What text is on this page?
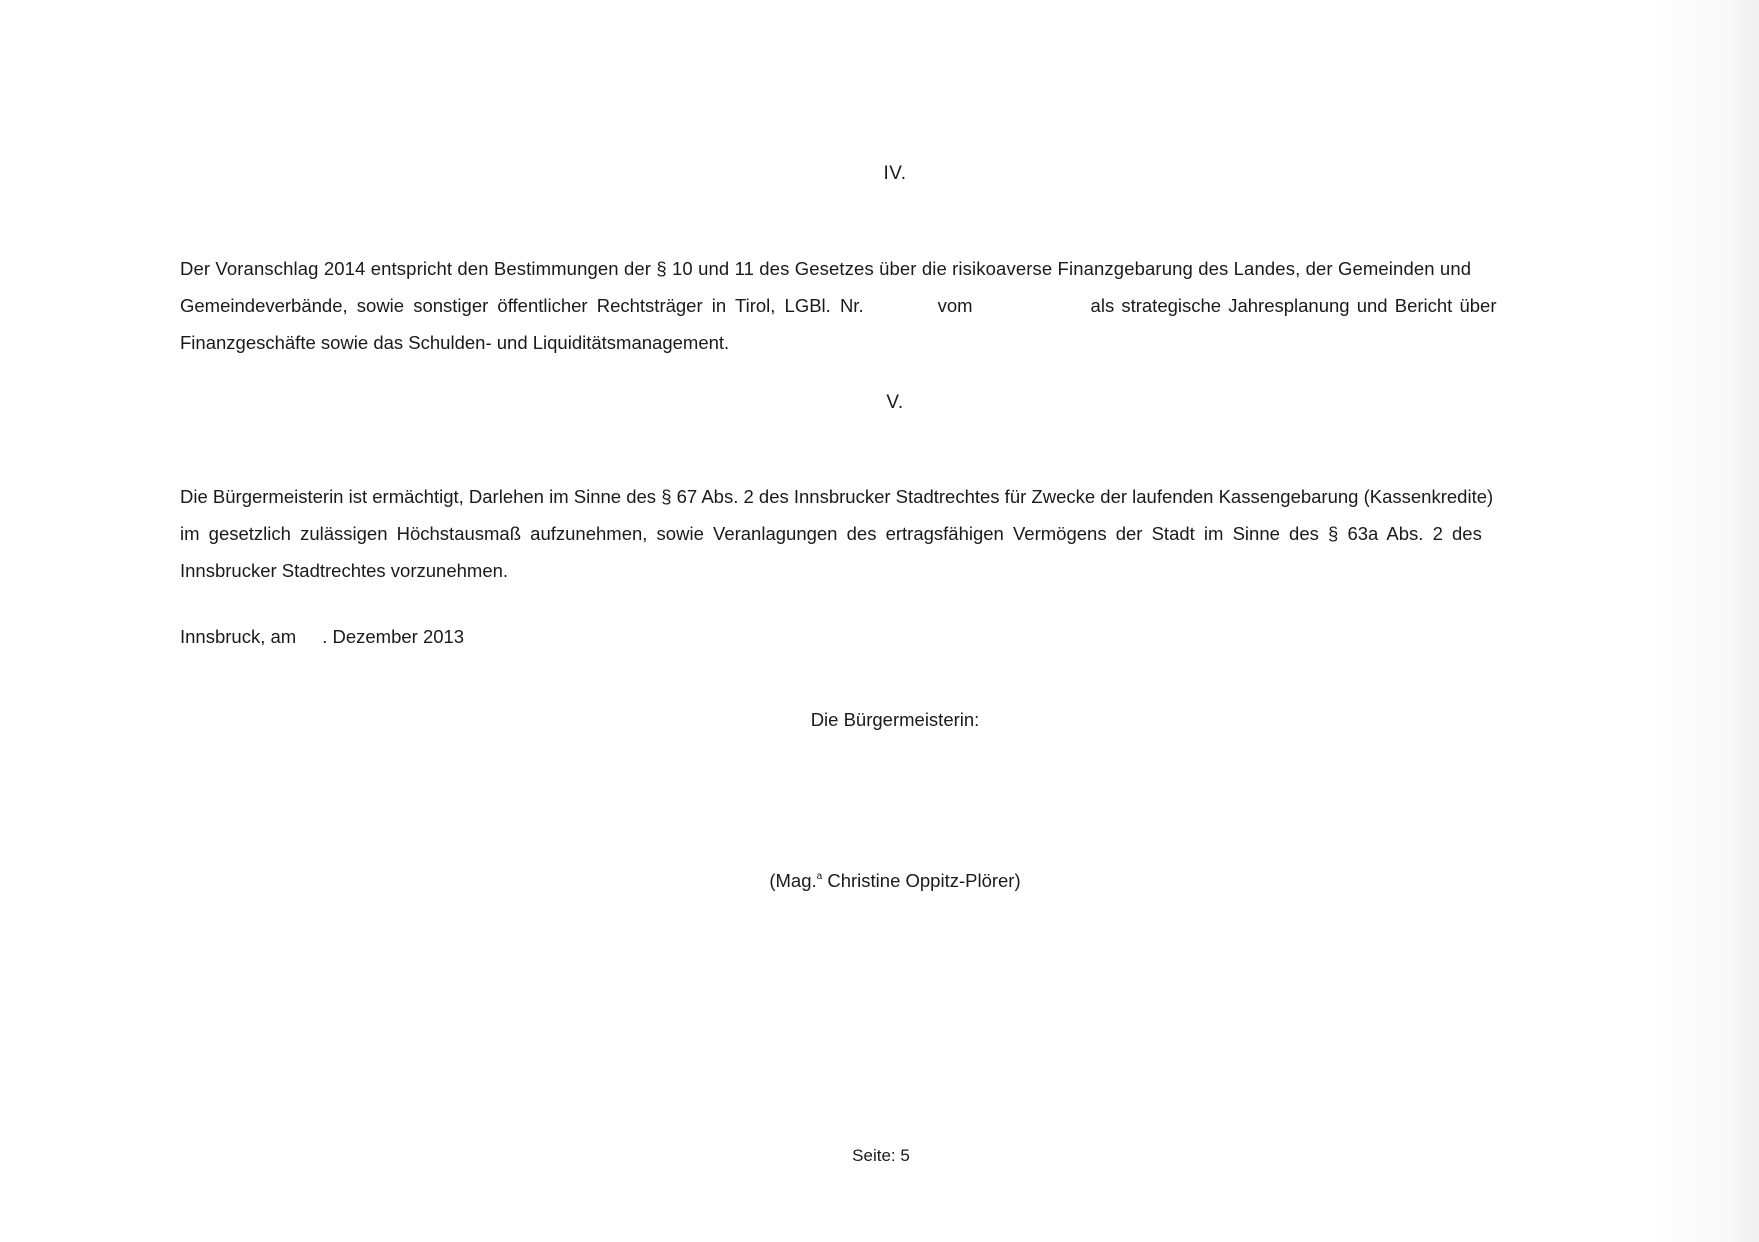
IV.
Der Voranschlag 2014 entspricht den Bestimmungen der § 10 und 11 des Gesetzes über die risikoaverse Finanzgebarung des Landes, der Gemeinden und
Gemeindeverbände, sowie sonstiger öffentlicher Rechtsträger in Tirol, LGBl. Nr.	vom	als strategische Jahresplanung und Bericht über
Finanzgeschäfte sowie das Schulden- und Liquiditätsmanagement.
V.
Die Bürgermeisterin ist ermächtigt, Darlehen im Sinne des § 67 Abs. 2 des Innsbrucker Stadtrechtes für Zwecke der laufenden Kassengebarung (Kassenkredite)
im gesetzlich zulässigen Höchstausmaß aufzunehmen, sowie Veranlagungen des ertragsfähigen Vermögens der Stadt im Sinne des § 63a Abs. 2 des
Innsbrucker Stadtrechtes vorzunehmen.
Innsbruck, am . Dezember 2013
Die Bürgermeisterin:
(Mag.$^a$ Christine Oppitz-Plörer)
Seite: 5
